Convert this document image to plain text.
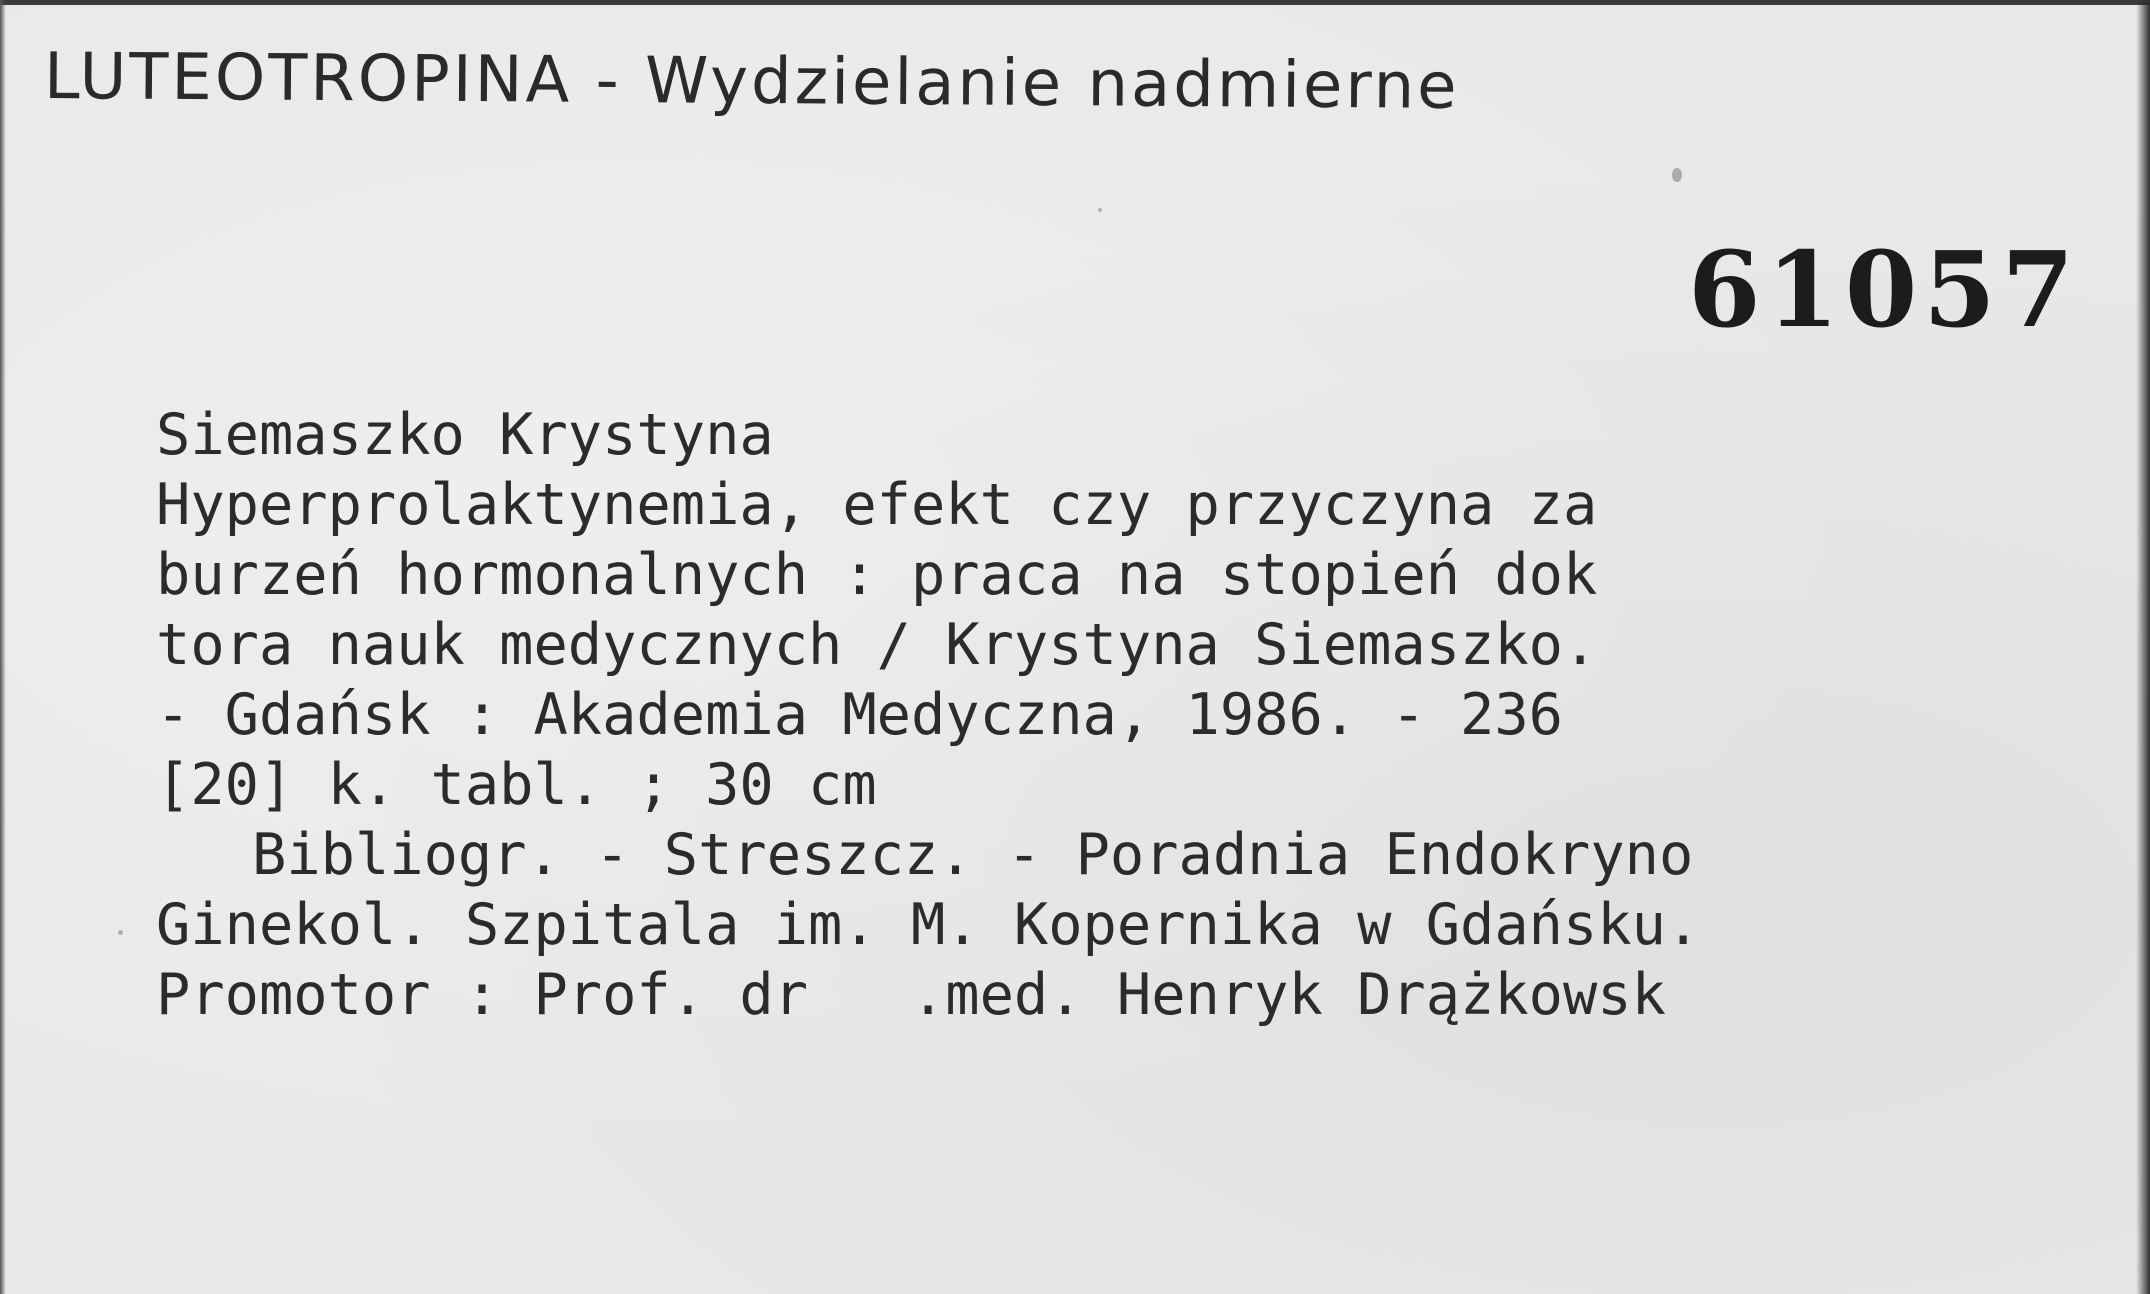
LUTEOTROPINA - Wydzielanie nadmierne
61057
Siemaszko Krystyna
Hyperprolaktynemia, efekt czy przyczyna za
burzeń hormonalnych : praca na stopień dok
tora nauk medycznych / Krystyna Siemaszko.
- Gdańsk : Akademia Medyczna, 1986. - 236
[20] k. tabl. ; 30 cm
Bibliogr. - Streszcz. - Poradnia Endokryno
Ginekol. Szpitala im. M. Kopernika w Gdańsku.
Promotor : Prof. dr   .med. Henryk Drążkowsk
